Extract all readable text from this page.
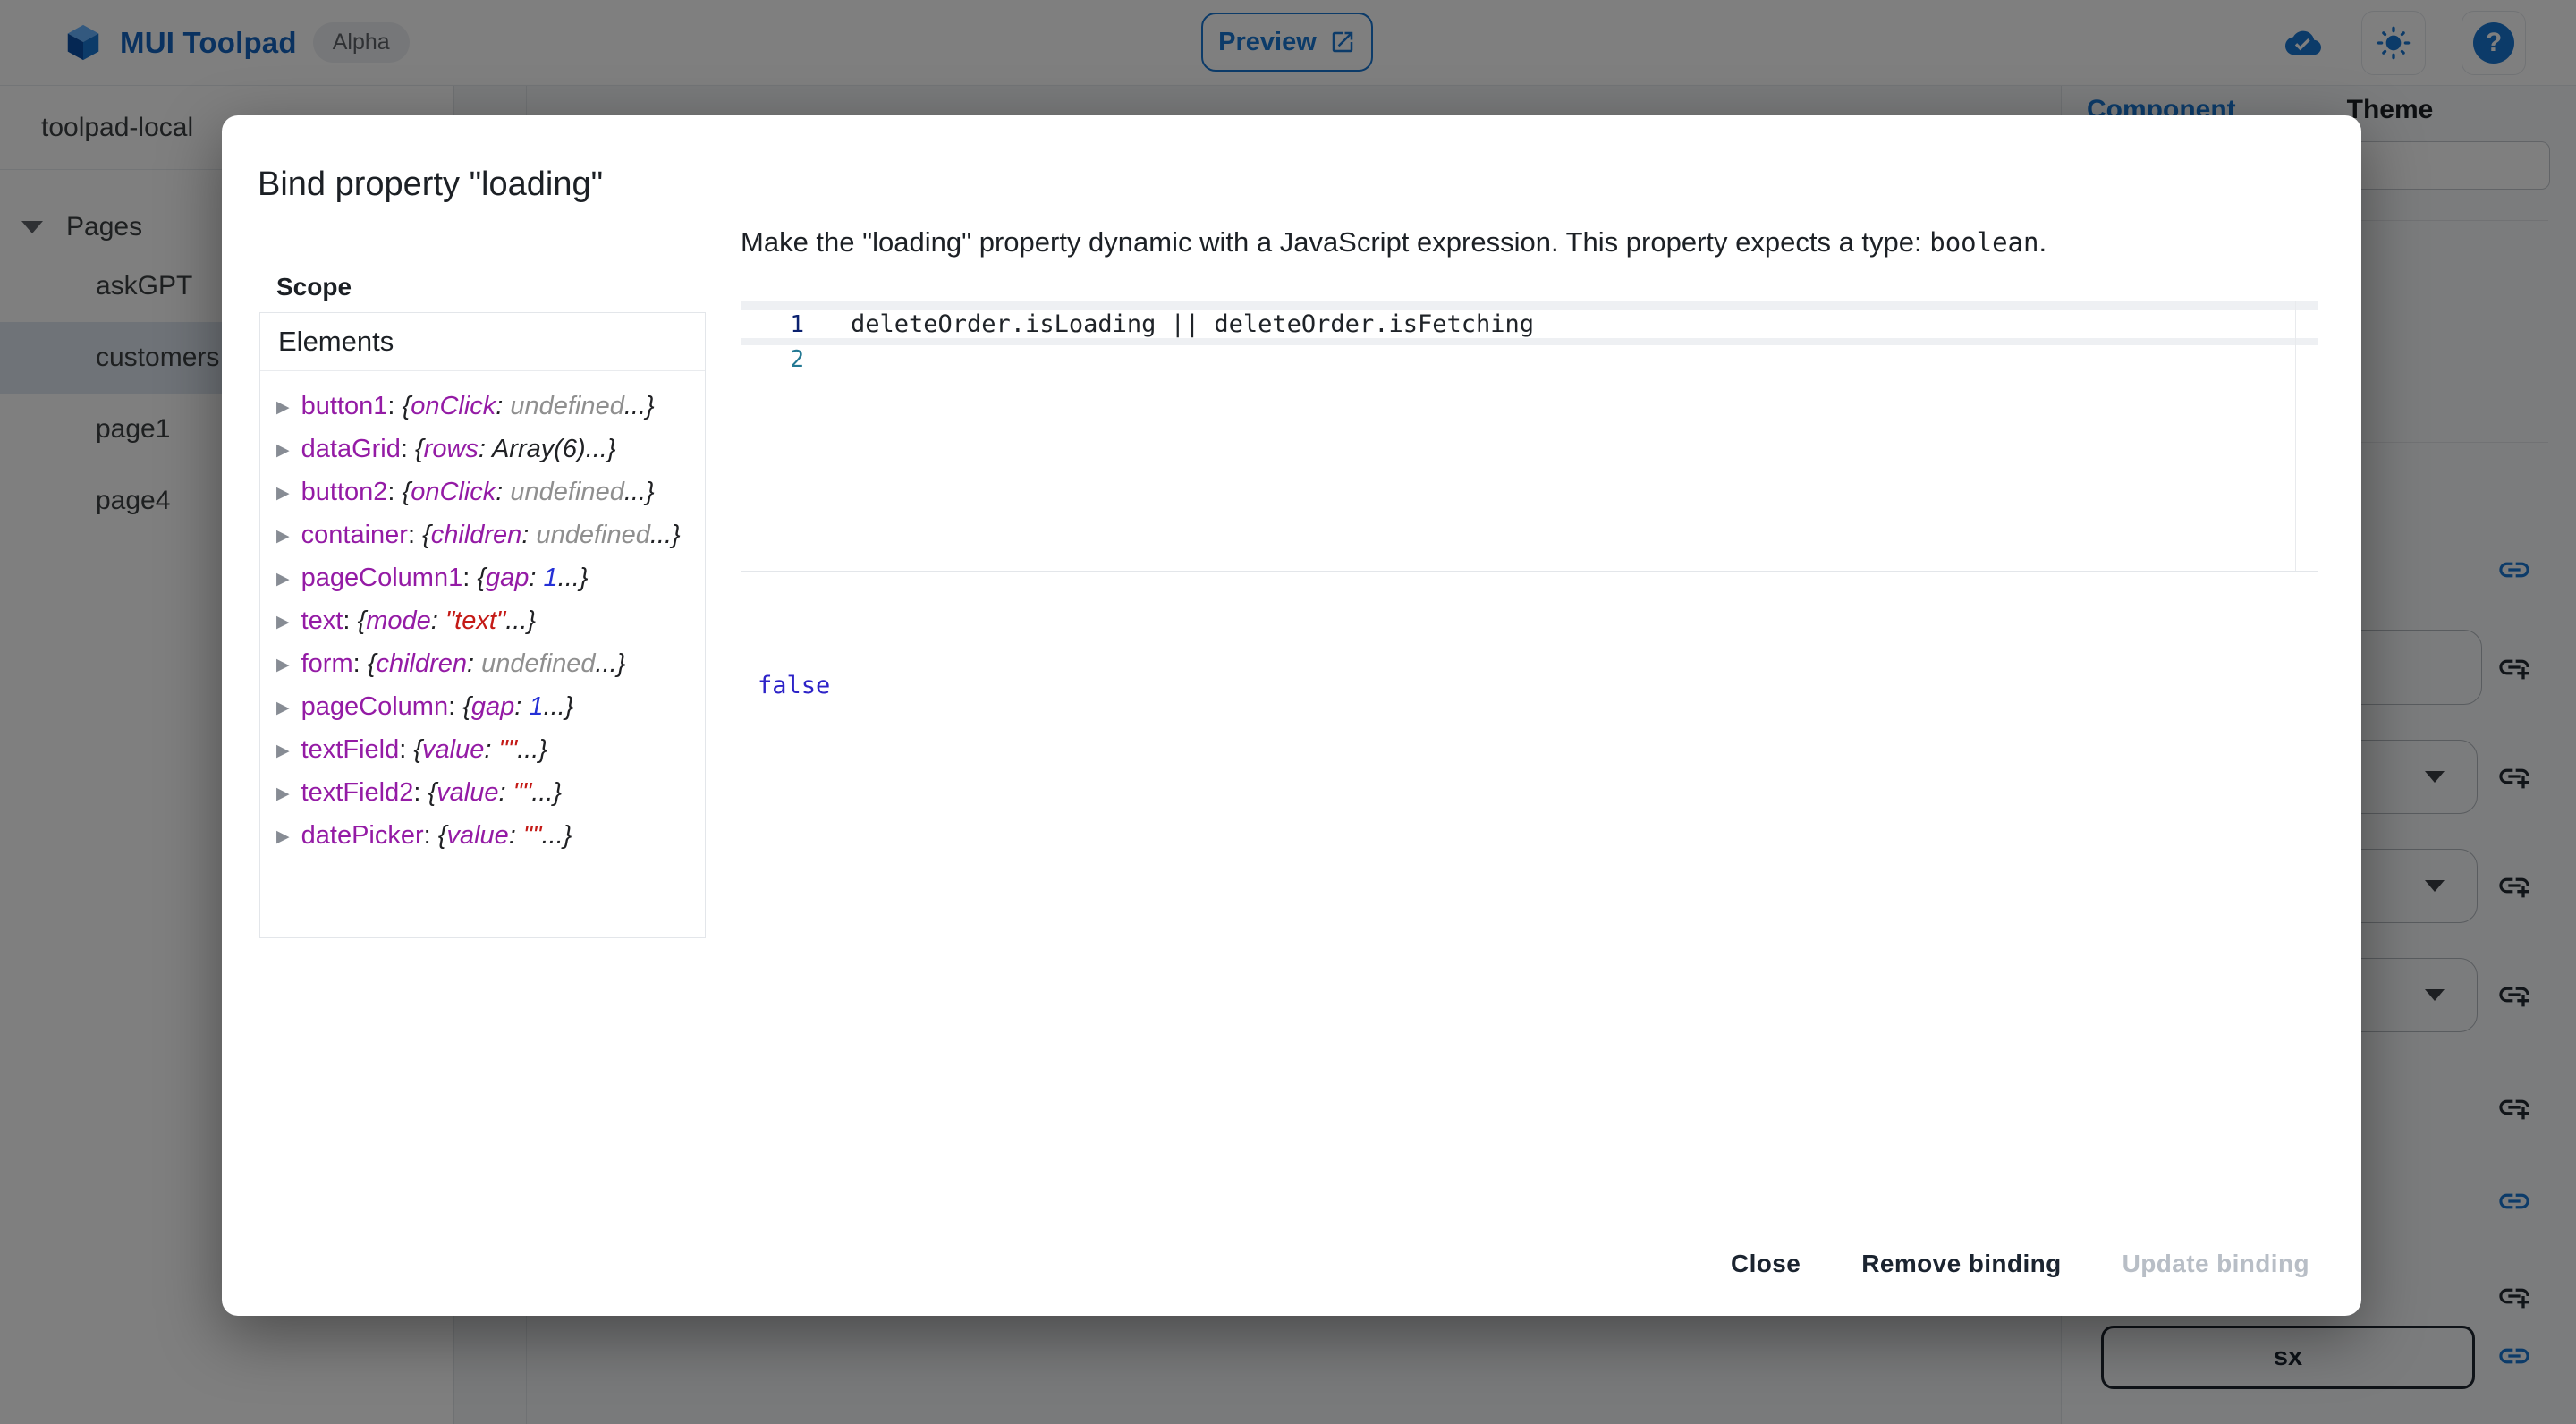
Bind property "loading"
Scope
Elements
▶ button1: {onClick: undefined...}
▶ dataGrid: {rows: Array(6)...}
▶ button2: {onClick: undefined...}
▶ container: {children: undefined...}
▶ pageColumn1: {gap: 1...}
▶ text: {mode: "text"...}
▶ form: {children: undefined...}
▶ pageColumn: {gap: 1...}
▶ textField: {value: ""...}
▶ textField2: {value: ""...}
▶ datePicker: {value: ""...}
Make the "loading" property dynamic with a JavaScript expression. This property expects a type: boolean.
1 deleteOrder.isLoading || deleteOrder.isFetching
2
false
Close	Remove binding	Update binding
